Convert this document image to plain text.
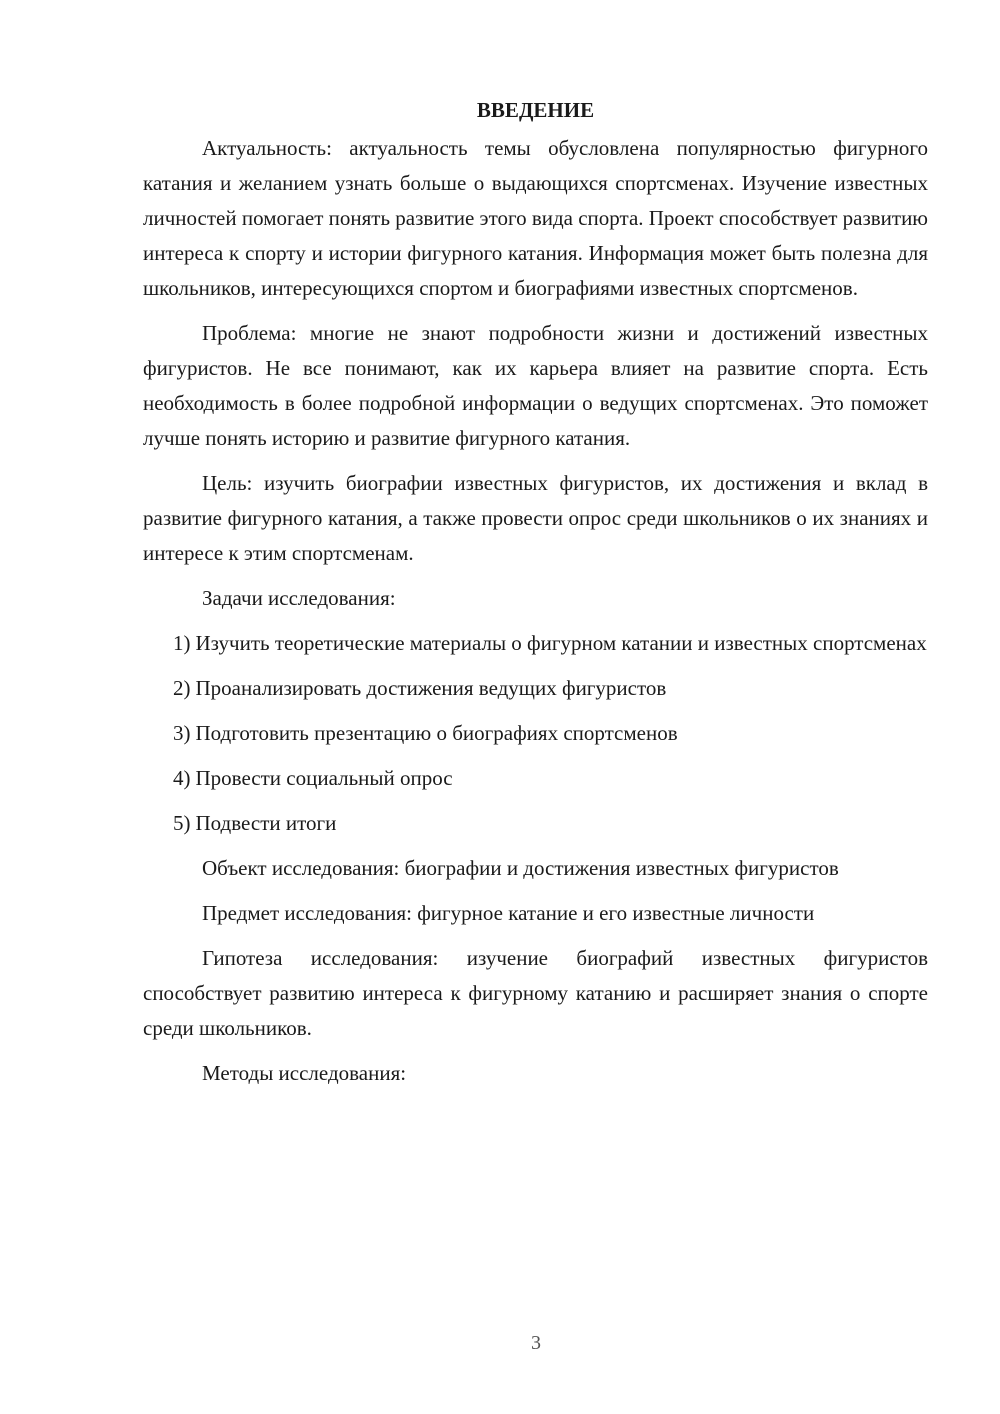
ВВЕДЕНИЕ

Актуальность: актуальность темы обусловлена популярностью фигурного катания и желанием узнать больше о выдающихся спортсменах. Изучение известных личностей помогает понять развитие этого вида спорта. Проект способствует развитию интереса к спорту и истории фигурного катания. Информация может быть полезна для школьников, интересующихся спортом и биографиями известных спортсменов.

Проблема: многие не знают подробности жизни и достижений известных фигуристов. Не все понимают, как их карьера влияет на развитие спорта. Есть необходимость в более подробной информации о ведущих спортсменах. Это поможет лучше понять историю и развитие фигурного катания.

Цель: изучить биографии известных фигуристов, их достижения и вклад в развитие фигурного катания, а также провести опрос среди школьников о их знаниях и интересе к этим спортсменам.

Задачи исследования:

1) Изучить теоретические материалы о фигурном катании и известных спортсменах
2) Проанализировать достижения ведущих фигуристов
3) Подготовить презентацию о биографиях спортсменов
4) Провести социальный опрос
5) Подвести итоги

Объект исследования: биографии и достижения известных фигуристов

Предмет исследования: фигурное катание и его известные личности

Гипотеза исследования: изучение биографий известных фигуристов способствует развитию интереса к фигурному катанию и расширяет знания о спорте среди школьников.

Методы исследования:

3
